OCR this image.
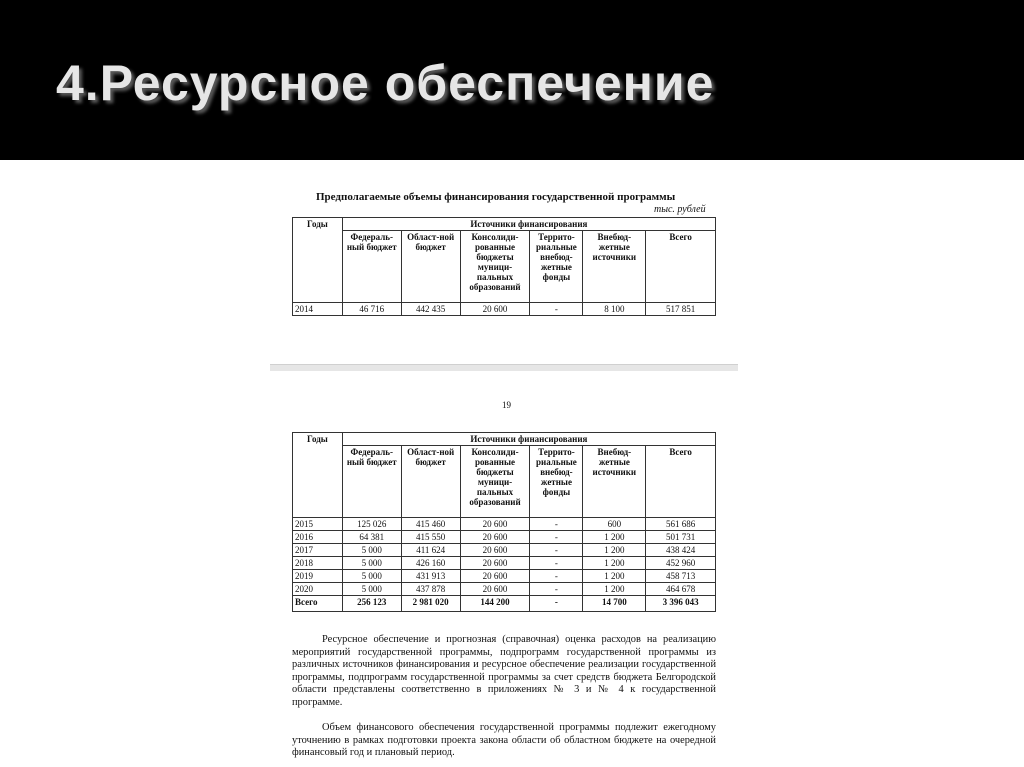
4.Ресурсное обеспечение
Предполагаемые объемы финансирования государственной программы
тыс. рублей
Годы	Источники финансирования					
	Федераль-ный бюджет	Област-ной бюджет	Консолиди-рованные бюджеты муници-пальных образований	Террито-риальные внебюд-жетные фонды	Внебюд-жетные источники	Всего
2014	46 716	442 435	20 600	-	8 100	517 851
19
Годы	Источники финансирования					
	Федераль-ный бюджет	Област-ной бюджет	Консолиди-рованные бюджеты муници-пальных образований	Террито-риальные внебюд-жетные фонды	Внебюд-жетные источники	Всего
2015	125 026	415 460	20 600	-	600	561 686
2016	64 381	415 550	20 600	-	1 200	501 731
2017	5 000	411 624	20 600	-	1 200	438 424
2018	5 000	426 160	20 600	-	1 200	452 960
2019	5 000	431 913	20 600	-	1 200	458 713
2020	5 000	437 878	20 600	-	1 200	464 678
Всего	256 123	2 981 020	144 200	-	14 700	3 396 043

Ресурсное обеспечение и прогнозная (справочная) оценка расходов на реализацию мероприятий государственной программы, подпрограмм государственной программы из различных источников финансирования и ресурсное обеспечение реализации государственной программы, подпрограмм государственной программы за счет средств бюджета Белгородской области представлены соответственно в приложениях № 3 и № 4 к государственной программе.

Объем финансового обеспечения государственной программы подлежит ежегодному уточнению в рамках подготовки проекта закона области об областном бюджете на очередной финансовый год и плановый период.
